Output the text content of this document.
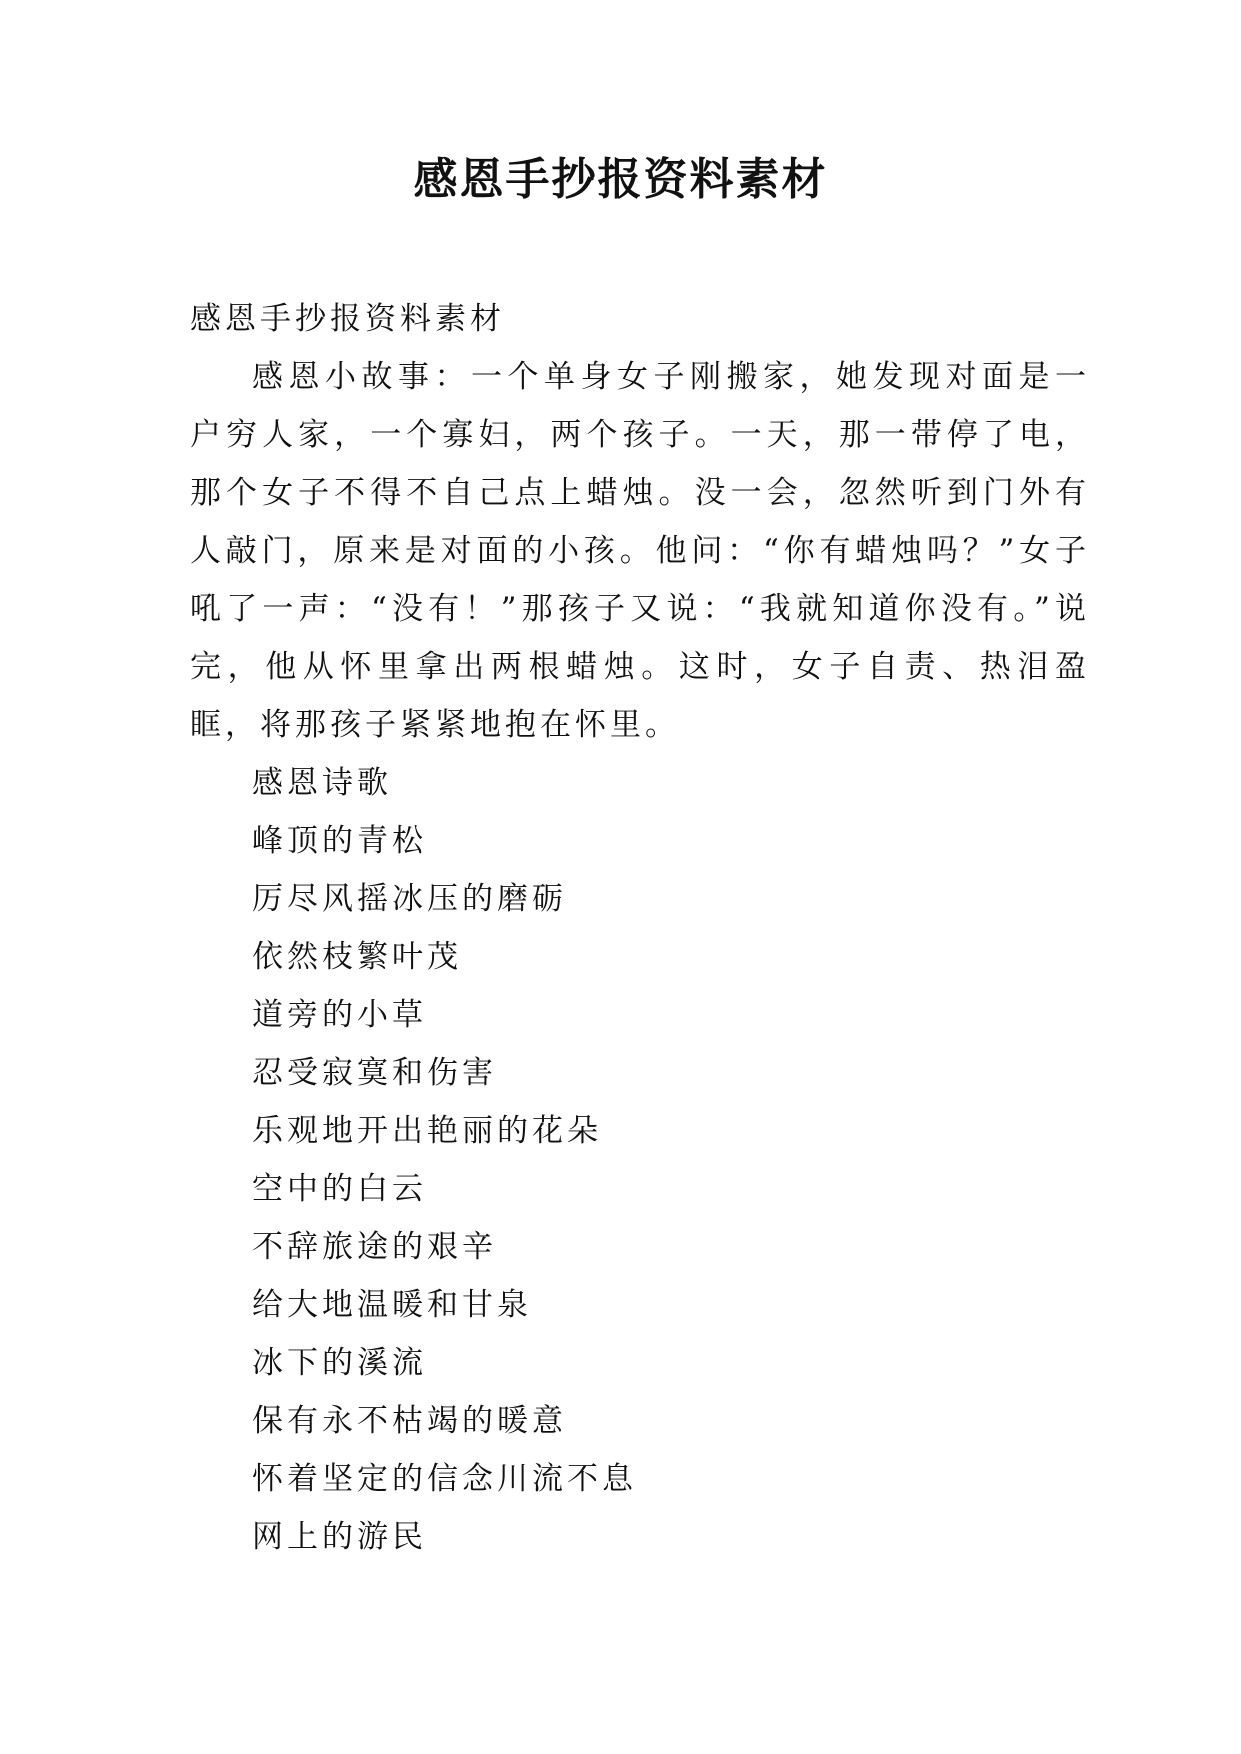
感恩手抄报资料素材

感恩手抄报资料素材

感恩小故事：一个单身女子刚搬家，她发现对面是一户穷人家，一个寡妇，两个孩子。一天，那一带停了电，那个女子不得不自己点上蜡烛。没一会，忽然听到门外有人敲门，原来是对面的小孩。他问：“你有蜡烛吗？”女子吼了一声：“没有！”那孩子又说：“我就知道你没有。”说完，他从怀里拿出两根蜡烛。这时，女子自责、热泪盈眶，将那孩子紧紧地抱在怀里。

感恩诗歌

峰顶的青松

厉尽风摇冰压的磨砺

依然枝繁叶茂

道旁的小草

忍受寂寞和伤害

乐观地开出艳丽的花朵

空中的白云

不辞旅途的艰辛

给大地温暖和甘泉

冰下的溪流

保有永不枯竭的暖意

怀着坚定的信念川流不息

网上的游民
